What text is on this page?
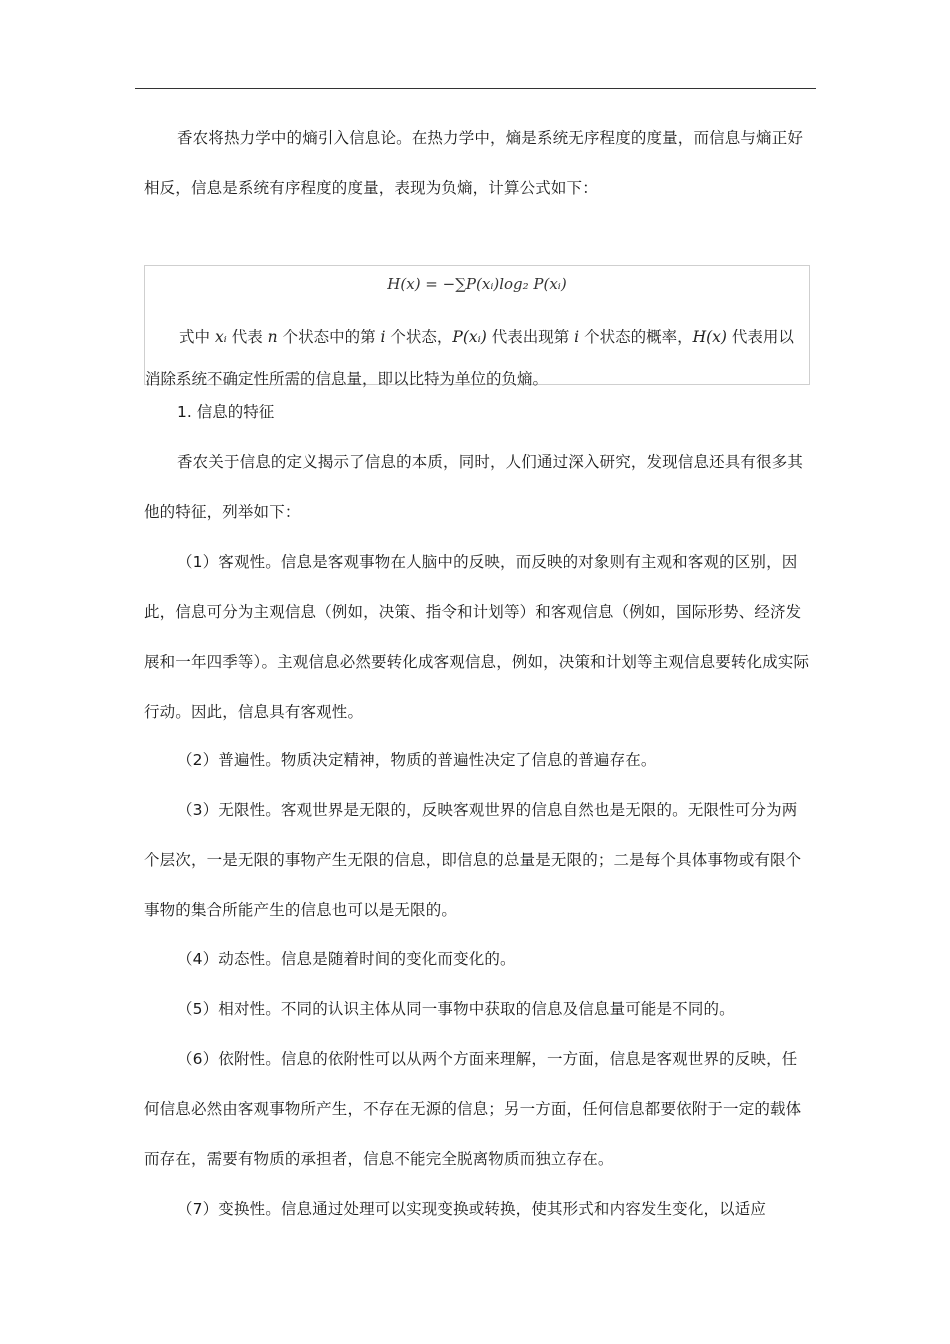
香农将热力学中的熵引入信息论。在热力学中，熵是系统无序程度的度量，而信息与熵正好相反，信息是系统有序程度的度量，表现为负熵，计算公式如下：

H(x) = −∑P(xᵢ)log₂ P(xᵢ)

式中 xᵢ 代表 n 个状态中的第 i 个状态，P(xᵢ) 代表出现第 i 个状态的概率，H(x) 代表用以消除系统不确定性所需的信息量，即以比特为单位的负熵。

1. 信息的特征

香农关于信息的定义揭示了信息的本质，同时，人们通过深入研究，发现信息还具有很多其他的特征，列举如下：

（1）客观性。信息是客观事物在人脑中的反映，而反映的对象则有主观和客观的区别，因此，信息可分为主观信息（例如，决策、指令和计划等）和客观信息（例如，国际形势、经济发展和一年四季等）。主观信息必然要转化成客观信息，例如，决策和计划等主观信息要转化成实际行动。因此，信息具有客观性。

（2）普遍性。物质决定精神，物质的普遍性决定了信息的普遍存在。

（3）无限性。客观世界是无限的，反映客观世界的信息自然也是无限的。无限性可分为两个层次，一是无限的事物产生无限的信息，即信息的总量是无限的；二是每个具体事物或有限个事物的集合所能产生的信息也可以是无限的。

（4）动态性。信息是随着时间的变化而变化的。

（5）相对性。不同的认识主体从同一事物中获取的信息及信息量可能是不同的。

（6）依附性。信息的依附性可以从两个方面来理解，一方面，信息是客观世界的反映，任何信息必然由客观事物所产生，不存在无源的信息；另一方面，任何信息都要依附于一定的载体而存在，需要有物质的承担者，信息不能完全脱离物质而独立存在。

（7）变换性。信息通过处理可以实现变换或转换，使其形式和内容发生变化，以适应
